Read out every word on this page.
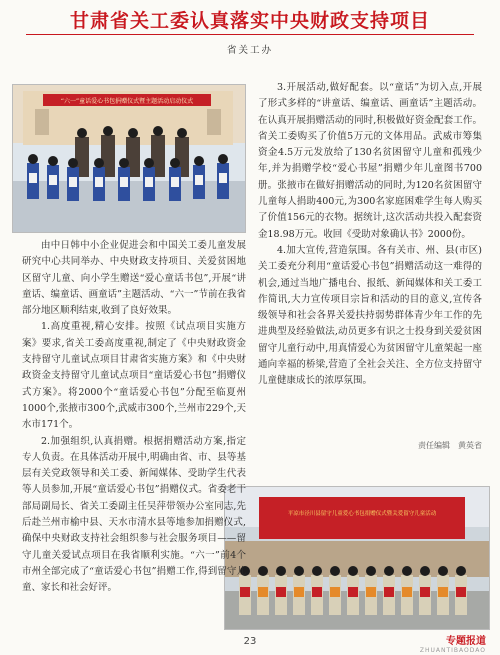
甘肃省关工委认真落实中央财政支持项目
省关工办
“六一”童话爱心书包捐赠仪式暨主题活动启动仪式
平凉市泾川县留守儿童爱心书包捐赠仪式暨关爱留守儿童活动

由中日韩中小企业促进会和中国关工委儿童发展研究中心共同举办、中央财政支持项目、关爱贫困地区留守儿童、向小学生赠送“爱心童话书包”,开展“讲童话、编童话、画童话”主题活动、“六一”节前在我省部分地区顺利结束,收到了良好效果。

1.高度重视,精心安排。按照《试点项目实施方案》要求,省关工委高度重视,制定了《中央财政资金支持留守儿童试点项目甘肃省实施方案》和《中央财政资金支持留守儿童试点项目“童话爱心书包”捐赠仪式方案》。将2000个“童话爱心书包”分配至临夏州1000个,张掖市300个,武威市300个,兰州市229个,天水市171个。

2.加强组织,认真捐赠。根据捐赠活动方案,指定专人负责。在具体活动开展中,明确由省、市、县等基层有关党政领导和关工委、新闻媒体、受助学生代表等人员参加,开展“童话爱心书包”捐赠仪式。省委老干部局副局长、省关工委副主任吴萍带领办公室同志,先后赴兰州市榆中县、天水市清水县等地参加捐赠仪式,确保中央财政支持社会组织参与社会服务项目——留守儿童关爱试点项目在我省顺利实施。“六一”前4个市州全部完成了“童话爱心书包”捐赠工作,得到留守儿童、家长和社会好评。

3.开展活动,做好配套。以“童话”为切入点,开展了形式多样的“讲童话、编童话、画童话”主题活动。在认真开展捐赠活动的同时,积极做好资金配套工作。省关工委购买了价值5万元的文体用品。武威市筹集资金4.5万元发放给了130名贫困留守儿童和孤残少年,并为捐赠学校“爱心书屋”捐赠少年儿童图书700册。张掖市在做好捐赠活动的同时,为120名贫困留守儿童每人捐助400元,为300名家庭困难学生每人购买了价值156元的衣物。据统计,这次活动共投入配套资金18.98万元。收回《受助对象确认书》2000份。

4.加大宣传,营造氛围。各有关市、州、县(市区)关工委充分利用“童话爱心书包”捐赠活动这一难得的机会,通过当地广播电台、报纸、新闻媒体和关工委工作简讯,大力宣传项目宗旨和活动的目的意义,宣传各级领导和社会各界关爱扶持弱势群体青少年工作的先进典型及经验做法,动员更多有识之士投身到关爱贫困留守儿童行动中,用真情爱心为贫困留守儿童架起一座通向幸福的桥梁,营造了全社会关注、全方位支持留守儿童健康成长的浓厚氛围。

责任编辑　黄英省
23	专题报道
ZHUANTIBAODAO
